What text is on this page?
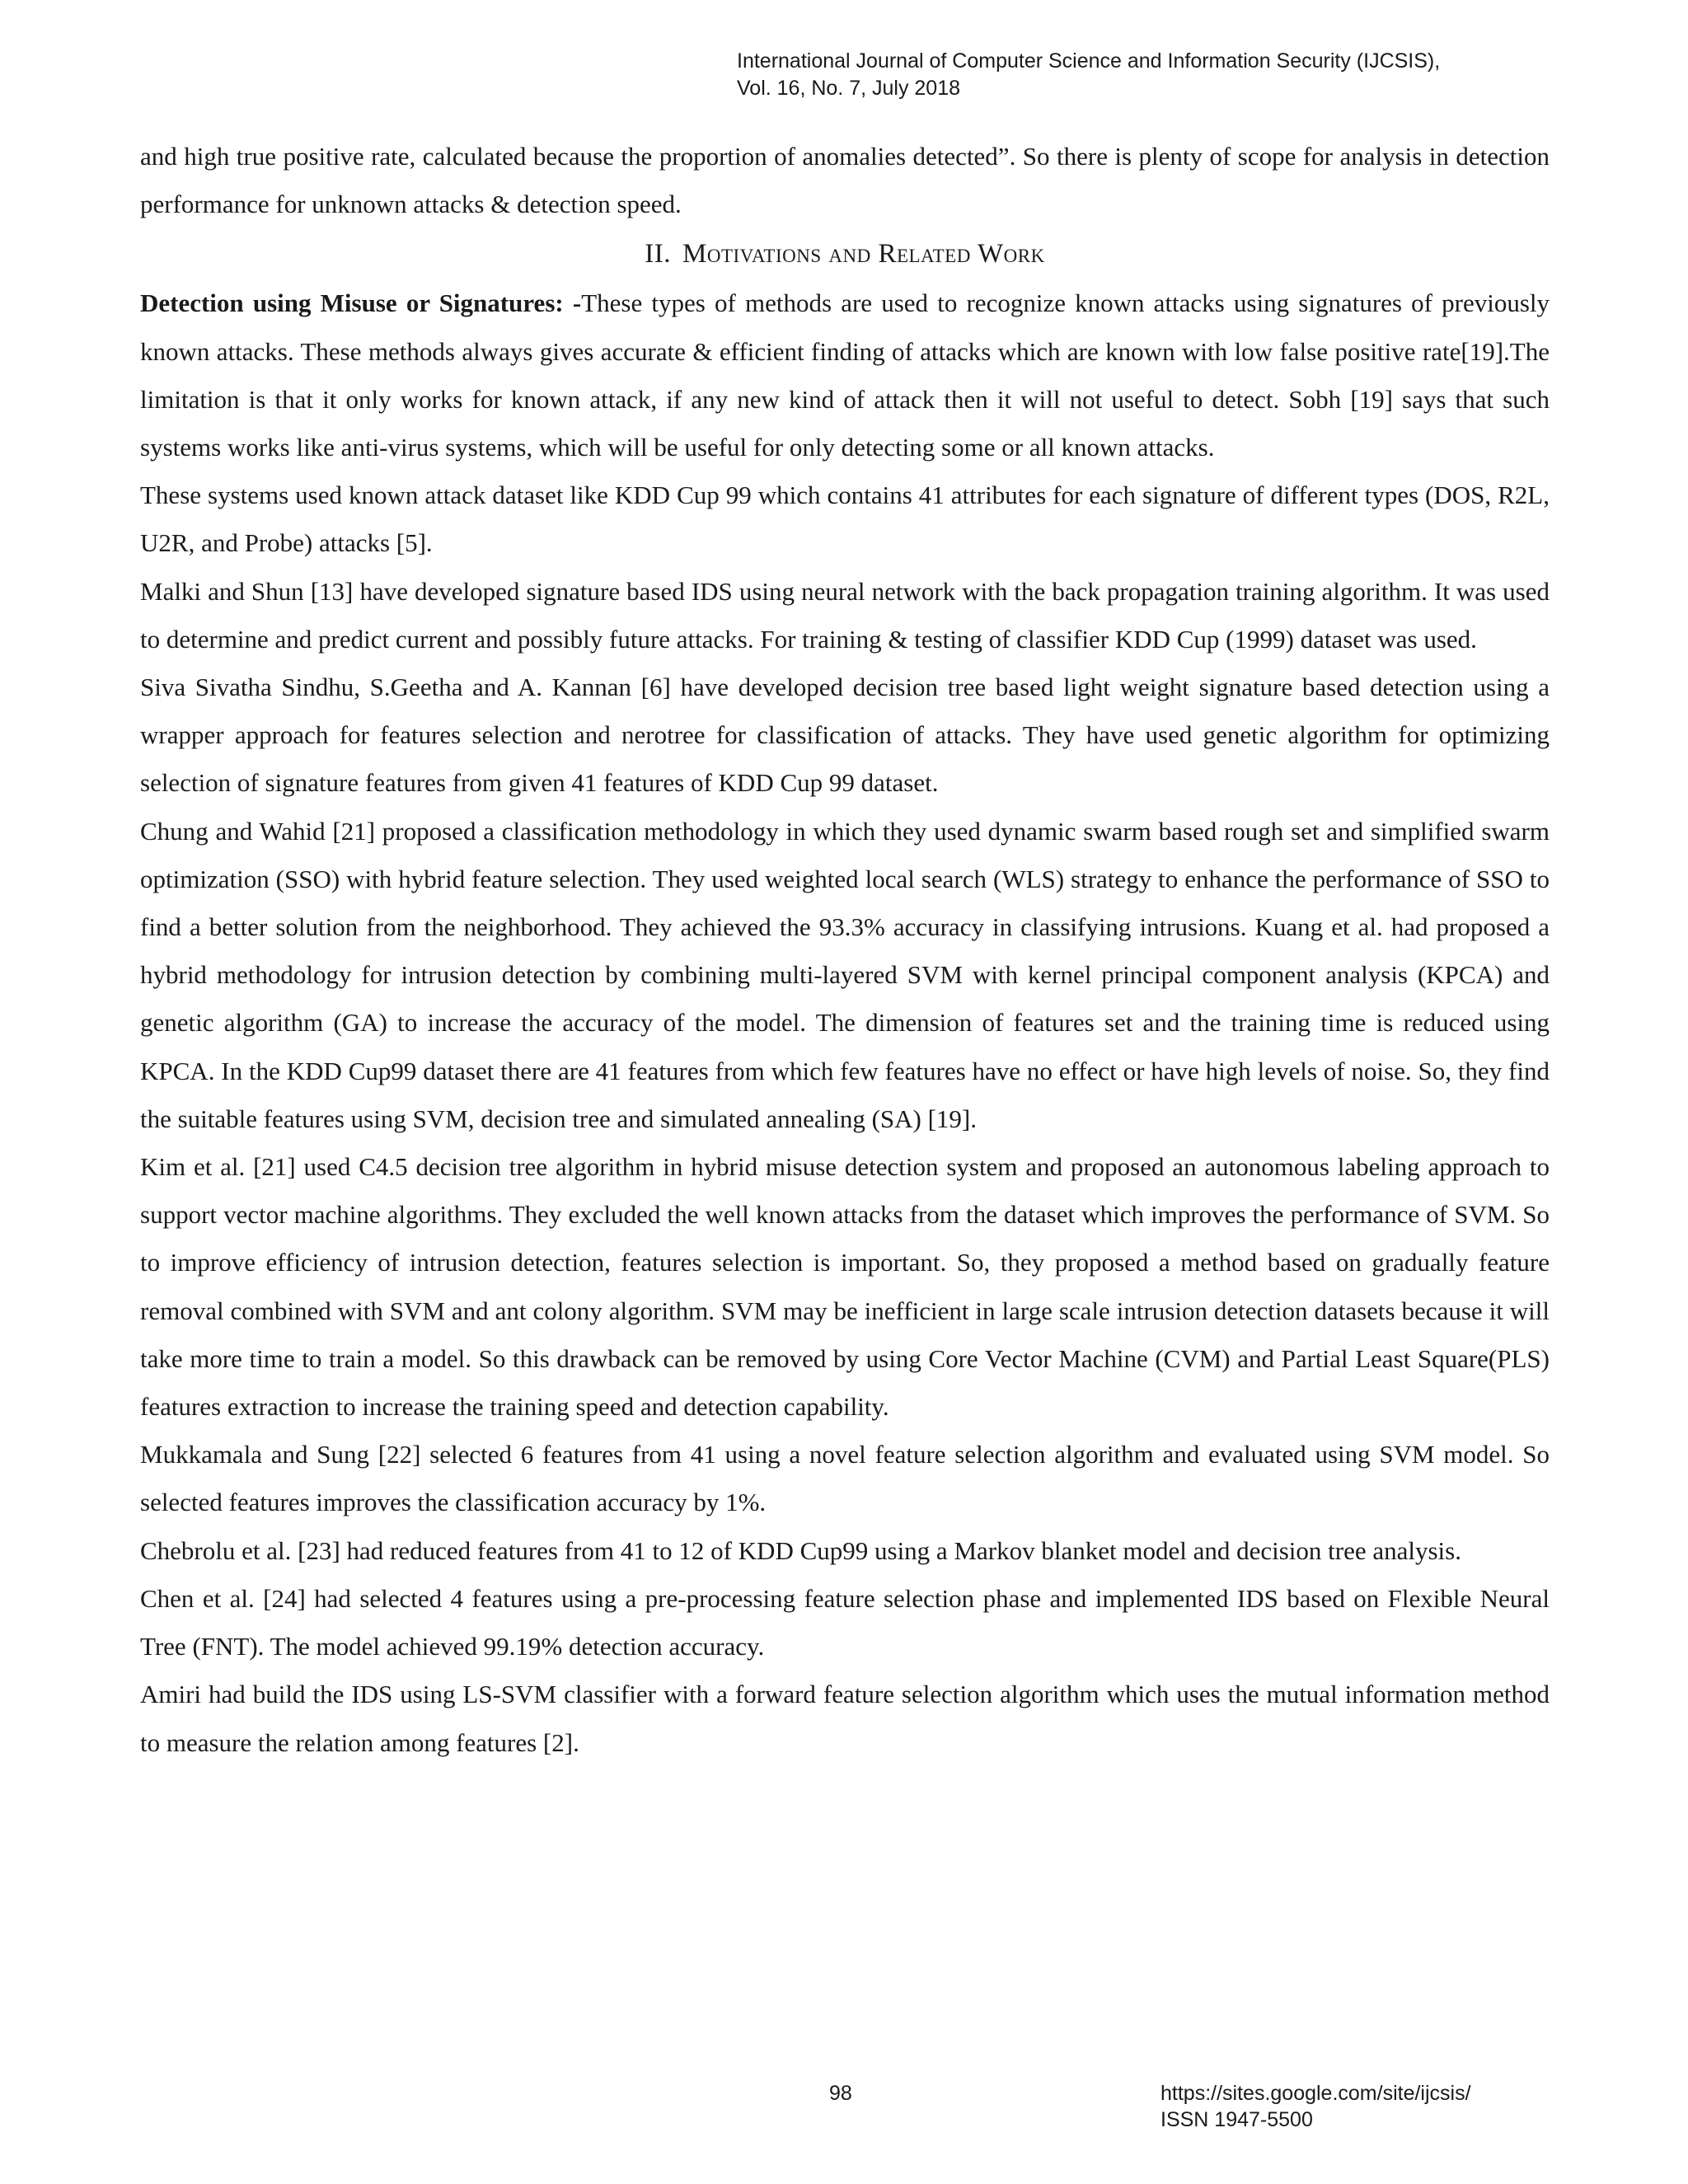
International Journal of Computer Science and Information Security (IJCSIS),
Vol. 16, No. 7, July 2018

and high true positive rate, calculated because the proportion of anomalies detected”. So there is plenty of scope for analysis in detection performance for unknown attacks & detection speed.

II. Motivations and Related Work

Detection using Misuse or Signatures: -These types of methods are used to recognize known attacks using signatures of previously known attacks. These methods always gives accurate & efficient finding of attacks which are known with low false positive rate[19].The limitation is that it only works for known attack, if any new kind of attack then it will not useful to detect. Sobh [19] says that such systems works like anti-virus systems, which will be useful for only detecting some or all known attacks.

These systems used known attack dataset like KDD Cup 99 which contains 41 attributes for each signature of different types (DOS, R2L, U2R, and Probe) attacks [5].

Malki and Shun [13] have developed signature based IDS using neural network with the back propagation training algorithm. It was used to determine and predict current and possibly future attacks. For training & testing of classifier KDD Cup (1999) dataset was used.

Siva Sivatha Sindhu, S.Geetha and A. Kannan [6] have developed decision tree based light weight signature based detection using a wrapper approach for features selection and nerotree for classification of attacks. They have used genetic algorithm for optimizing selection of signature features from given 41 features of KDD Cup 99 dataset.

Chung and Wahid [21] proposed a classification methodology in which they used dynamic swarm based rough set and simplified swarm optimization (SSO) with hybrid feature selection. They used weighted local search (WLS) strategy to enhance the performance of SSO to find a better solution from the neighborhood. They achieved the 93.3% accuracy in classifying intrusions. Kuang et al. had proposed a hybrid methodology for intrusion detection by combining multi-layered SVM with kernel principal component analysis (KPCA) and genetic algorithm (GA) to increase the accuracy of the model. The dimension of features set and the training time is reduced using KPCA. In the KDD Cup99 dataset there are 41 features from which few features have no effect or have high levels of noise. So, they find the suitable features using SVM, decision tree and simulated annealing (SA) [19].

Kim et al. [21] used C4.5 decision tree algorithm in hybrid misuse detection system and proposed an autonomous labeling approach to support vector machine algorithms. They excluded the well known attacks from the dataset which improves the performance of SVM. So to improve efficiency of intrusion detection, features selection is important. So, they proposed a method based on gradually feature removal combined with SVM and ant colony algorithm. SVM may be inefficient in large scale intrusion detection datasets because it will take more time to train a model. So this drawback can be removed by using Core Vector Machine (CVM) and Partial Least Square(PLS) features extraction to increase the training speed and detection capability.

Mukkamala and Sung [22] selected 6 features from 41 using a novel feature selection algorithm and evaluated using SVM model. So selected features improves the classification accuracy by 1%.

Chebrolu et al. [23] had reduced features from 41 to 12 of KDD Cup99 using a Markov blanket model and decision tree analysis.

Chen et al. [24] had selected 4 features using a pre-processing feature selection phase and implemented IDS based on Flexible Neural Tree (FNT). The model achieved 99.19% detection accuracy.

Amiri had build the IDS using LS-SVM classifier with a forward feature selection algorithm which uses the mutual information method to measure the relation among features [2].

98	https://sites.google.com/site/ijcsis/
ISSN 1947-5500
